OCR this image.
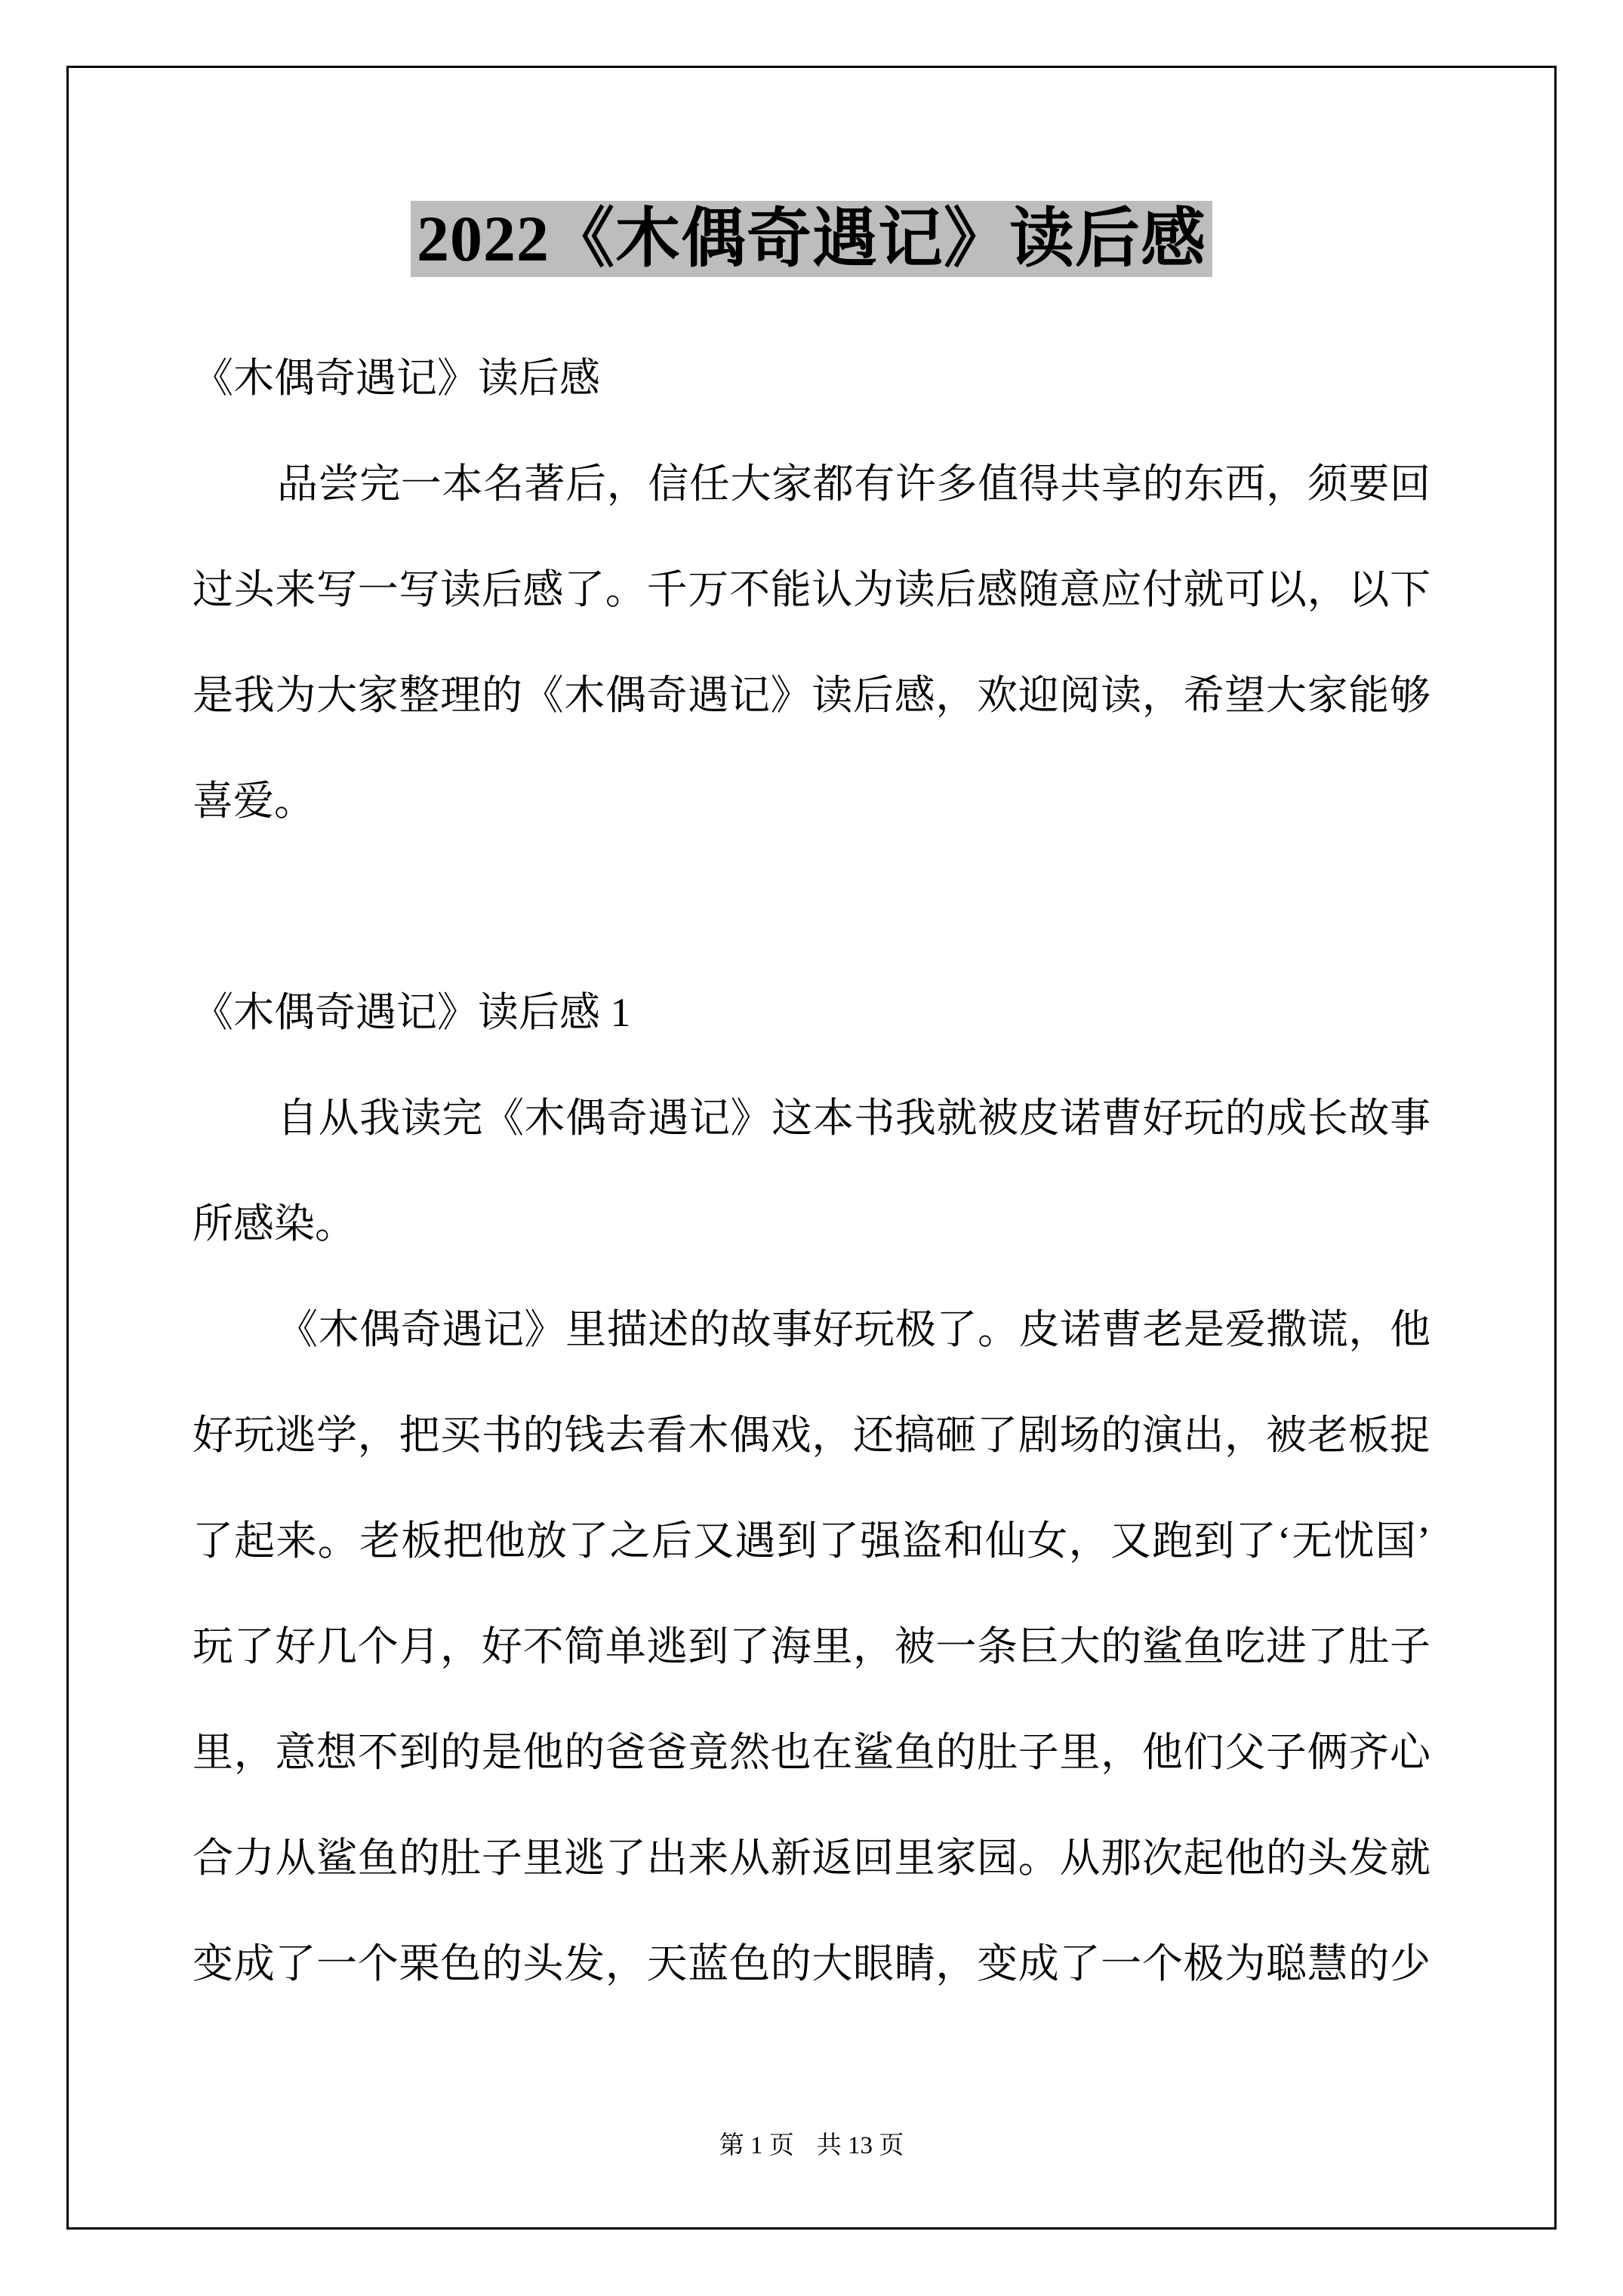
2022《木偶奇遇记》读后感
《木偶奇遇记》读后感
品尝完一本名著后，信任大家都有许多值得共享的东西，须要回
过头来写一写读后感了。千万不能认为读后感随意应付就可以，以下
是我为大家整理的《木偶奇遇记》读后感，欢迎阅读，希望大家能够
喜爱。
《木偶奇遇记》读后感 1
自从我读完《木偶奇遇记》这本书我就被皮诺曹好玩的成长故事
所感染。
《木偶奇遇记》里描述的故事好玩极了。皮诺曹老是爱撒谎，他
好玩逃学，把买书的钱去看木偶戏，还搞砸了剧场的演出，被老板捉
了起来。老板把他放了之后又遇到了强盗和仙女，又跑到了‘无忧国’
玩了好几个月，好不简单逃到了海里，被一条巨大的鲨鱼吃进了肚子
里，意想不到的是他的爸爸竟然也在鲨鱼的肚子里，他们父子俩齐心
合力从鲨鱼的肚子里逃了出来从新返回里家园。从那次起他的头发就
变成了一个栗色的头发，天蓝色的大眼睛，变成了一个极为聪慧的少
第 1 页 共 13 页
